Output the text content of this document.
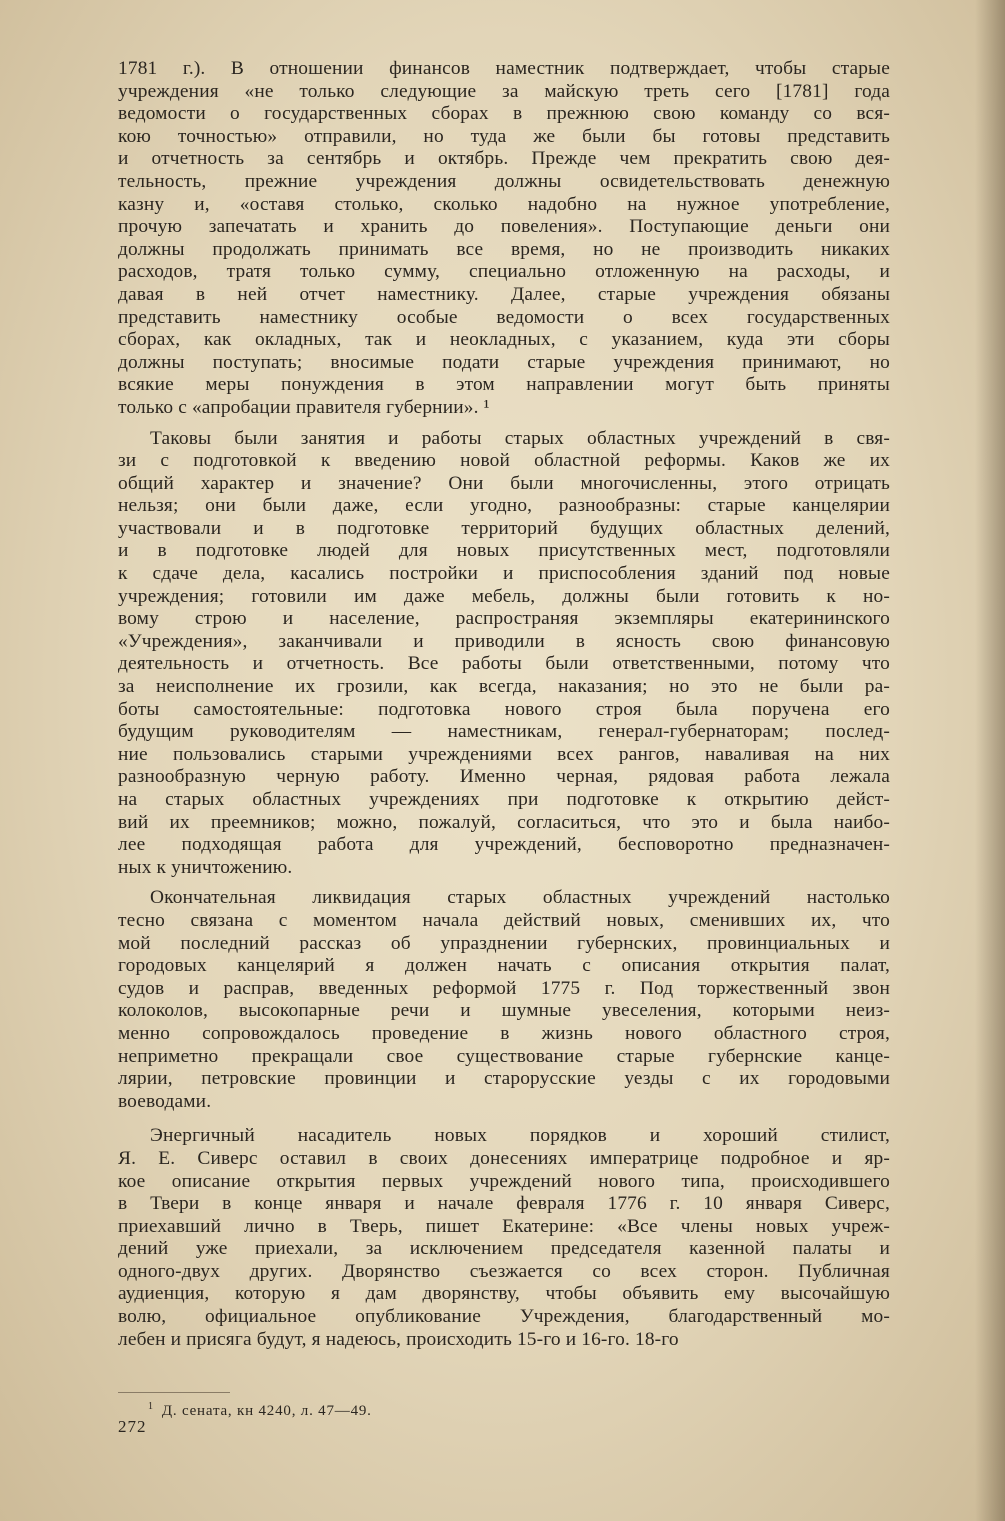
1781 г.). В отношении финансов наместник подтверждает, чтобы старые
учреждения «не только следующие за майскую треть сего [1781] года
ведомости о государственных сборах в прежнюю свою команду со вся-
кою точностью» отправили, но туда же были бы готовы представить
и отчетность за сентябрь и октябрь. Прежде чем прекратить свою дея-
тельность, прежние учреждения должны освидетельствовать денежную
казну и, «оставя столько, сколько надобно на нужное употребление,
прочую запечатать и хранить до повеления». Поступающие деньги они
должны продолжать принимать все время, но не производить никаких
расходов, тратя только сумму, специально отложенную на расходы, и
давая в ней отчет наместнику. Далее, старые учреждения обязаны
представить наместнику особые ведомости о всех государственных
сборах, как окладных, так и неокладных, с указанием, куда эти сборы
должны поступать; вносимые подати старые учреждения принимают, но
всякие меры понуждения в этом направлении могут быть приняты
только с «апробации правителя губернии». ¹

Таковы были занятия и работы старых областных учреждений в свя-
зи с подготовкой к введению новой областной реформы. Каков же их
общий характер и значение? Они были многочисленны, этого отрицать
нельзя; они были даже, если угодно, разнообразны: старые канцелярии
участвовали и в подготовке территорий будущих областных делений,
и в подготовке людей для новых присутственных мест, подготовляли
к сдаче дела, касались постройки и приспособления зданий под новые
учреждения; готовили им даже мебель, должны были готовить к но-
вому строю и население, распространяя экземпляры екатерининского
«Учреждения», заканчивали и приводили в ясность свою финансовую
деятельность и отчетность. Все работы были ответственными, потому что
за неисполнение их грозили, как всегда, наказания; но это не были ра-
боты самостоятельные: подготовка нового строя была поручена его
будущим руководителям — наместникам, генерал-губернаторам; послед-
ние пользовались старыми учреждениями всех рангов, наваливая на них
разнообразную черную работу. Именно черная, рядовая работа лежала
на старых областных учреждениях при подготовке к открытию дейст-
вий их преемников; можно, пожалуй, согласиться, что это и была наибо-
лее подходящая работа для учреждений, бесповоротно предназначен-
ных к уничтожению.

Окончательная ликвидация старых областных учреждений настолько
тесно связана с моментом начала действий новых, сменивших их, что
мой последний рассказ об упразднении губернских, провинциальных и
городовых канцелярий я должен начать с описания открытия палат,
судов и расправ, введенных реформой 1775 г. Под торжественный звон
колоколов, высокопарные речи и шумные увеселения, которыми неиз-
менно сопровождалось проведение в жизнь нового областного строя,
неприметно прекращали свое существование старые губернские канце-
лярии, петровские провинции и старорусские уезды с их городовыми
воеводами.

Энергичный насадитель новых порядков и хороший стилист,
Я. Е. Сиверс оставил в своих донесениях императрице подробное и яр-
кое описание открытия первых учреждений нового типа, происходившего
в Твери в конце января и начале февраля 1776 г. 10 января Сиверс,
приехавший лично в Тверь, пишет Екатерине: «Все члены новых учреж-
дений уже приехали, за исключением председателя казенной палаты и
одного-двух других. Дворянство съезжается со всех сторон. Публичная
аудиенция, которую я дам дворянству, чтобы объявить ему высочайшую
волю, официальное опубликование Учреждения, благодарственный мо-
лебен и присяга будут, я надеюсь, происходить 15-го и 16-го. 18-го

$^1$ Д. сената, кн 4240, л. 47—49.
272
